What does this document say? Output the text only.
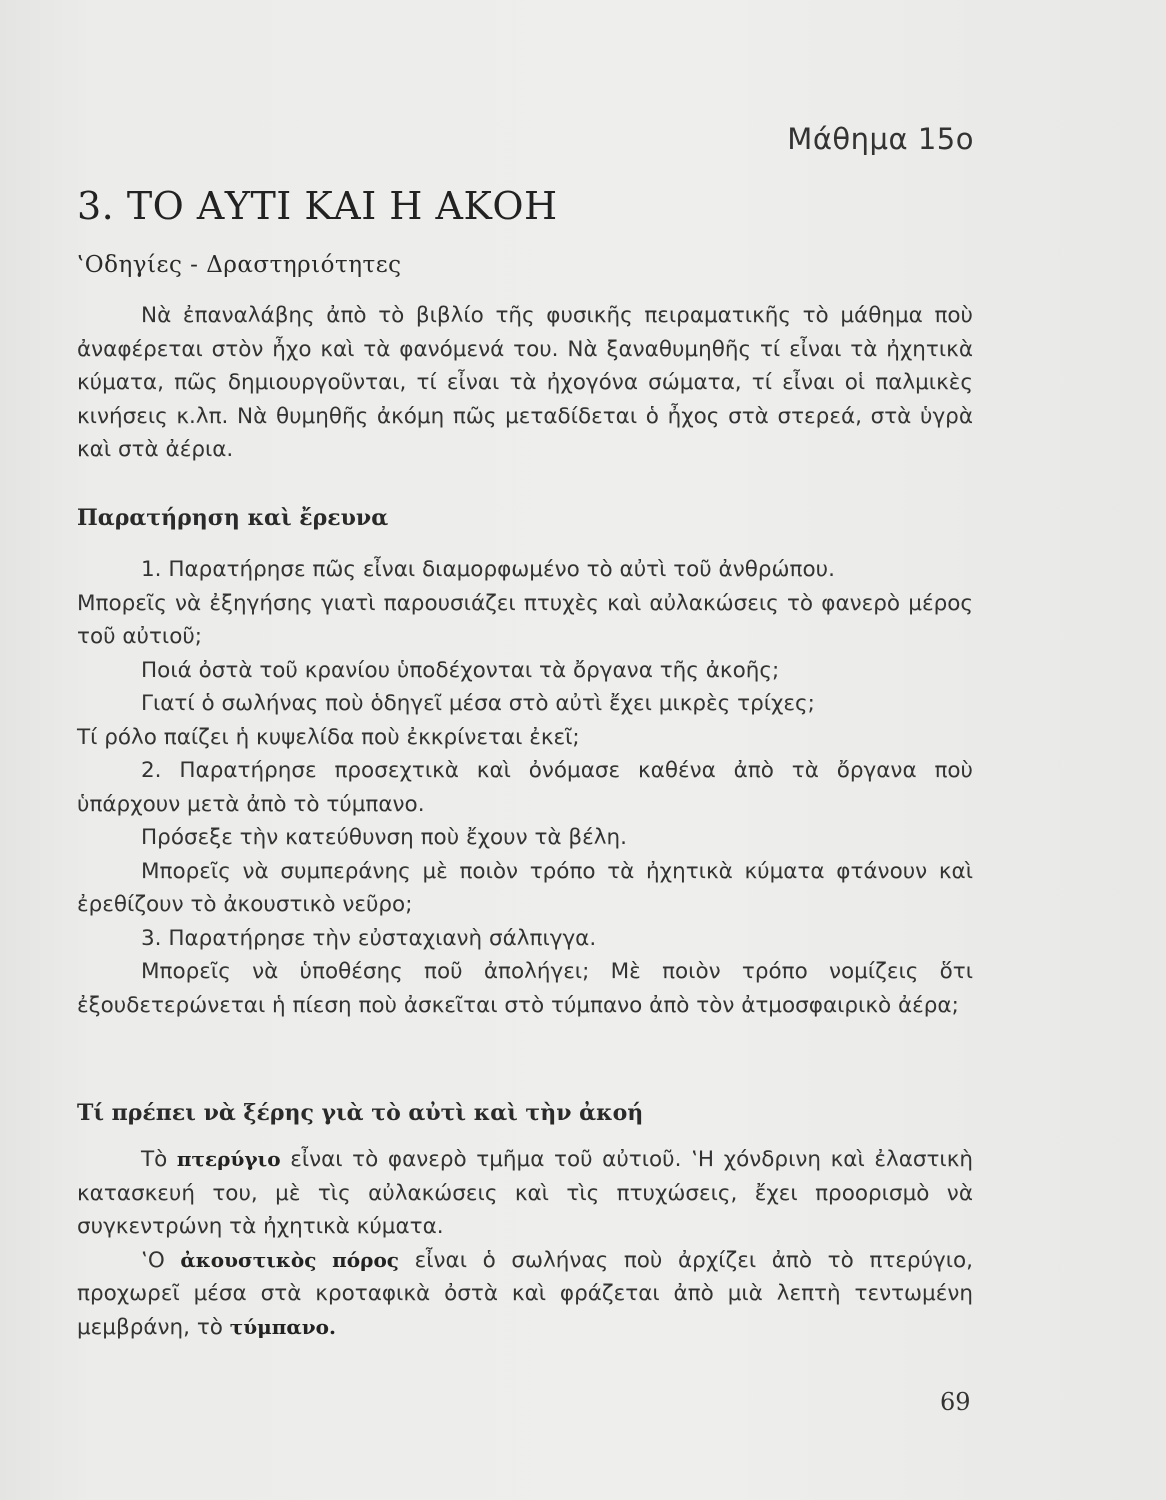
Μάθημα 15ο
3. ΤΟ ΑΥΤΙ ΚΑΙ Η ΑΚΟΗ
‛Οδηγίες - Δραστηριότητες

Νὰ ἐπαναλάβης ἀπὸ τὸ βιβλίο τῆς φυσικῆς πειραματικῆς τὸ μάθημα ποὺ ἀναφέρεται στὸν ἦχο καὶ τὰ φανόμενά του. Νὰ ξαναθυμηθῆς τί εἶναι τὰ ἠχητικὰ κύματα, πῶς δημιουργοῦνται, τί εἶναι τὰ ἠχογόνα σώματα, τί εἶναι οἱ παλμικὲς κινήσεις κ.λπ. Νὰ θυμηθῆς ἀκόμη πῶς μεταδίδεται ὁ ἦχος στὰ στερεά, στὰ ὑγρὰ καὶ στὰ ἀέρια.

Παρατήρηση καὶ ἔρευνα

1. Παρατήρησε πῶς εἶναι διαμορφωμένο τὸ αὐτὶ τοῦ ἀνθρώπου.

Μπορεῖς νὰ ἐξηγήσης γιατὶ παρουσιάζει πτυχὲς καὶ αὐλακώσεις τὸ φανερὸ μέρος τοῦ αὐτιοῦ;

Ποιά ὀστὰ τοῦ κρανίου ὑποδέχονται τὰ ὄργανα τῆς ἀκοῆς;

Γιατί ὁ σωλήνας ποὺ ὁδηγεῖ μέσα στὸ αὐτὶ ἔχει μικρὲς τρίχες;

Τί ρόλο παίζει ἡ κυψελίδα ποὺ ἐκκρίνεται ἐκεῖ;

2. Παρατήρησε προσεχτικὰ καὶ ὀνόμασε καθένα ἀπὸ τὰ ὄργανα ποὺ ὑπάρχουν μετὰ ἀπὸ τὸ τύμπανο.

Πρόσεξε τὴν κατεύθυνση ποὺ ἔχουν τὰ βέλη.

Μπορεῖς νὰ συμπεράνης μὲ ποιὸν τρόπο τὰ ἠχητικὰ κύματα φτάνουν καὶ ἐρεθίζουν τὸ ἀκουστικὸ νεῦρο;

3. Παρατήρησε τὴν εὐσταχιανὴ σάλπιγγα.

Μπορεῖς νὰ ὑποθέσης ποῦ ἀπολήγει; Μὲ ποιὸν τρόπο νομίζεις ὅτι ἐξουδετερώνεται ἡ πίεση ποὺ ἀσκεῖται στὸ τύμπανο ἀπὸ τὸν ἀτμοσφαιρικὸ ἀέρα;

Τί πρέπει νὰ ξέρης γιὰ τὸ αὐτὶ καὶ τὴν ἀκοή

Τὸ πτερύγιο εἶναι τὸ φανερὸ τμῆμα τοῦ αὐτιοῦ. ‛Η χόνδρινη καὶ ἐλαστικὴ κατασκευή του, μὲ τὶς αὐλακώσεις καὶ τὶς πτυχώσεις, ἔχει προορισμὸ νὰ συγκεντρώνη τὰ ἠχητικὰ κύματα.

‛Ο ἀκουστικὸς πόρος εἶναι ὁ σωλήνας ποὺ ἀρχίζει ἀπὸ τὸ πτερύγιο, προχωρεῖ μέσα στὰ κροταφικὰ ὀστὰ καὶ φράζεται ἀπὸ μιὰ λεπτὴ τεντωμένη μεμβράνη, τὸ τύμπανο.

69
